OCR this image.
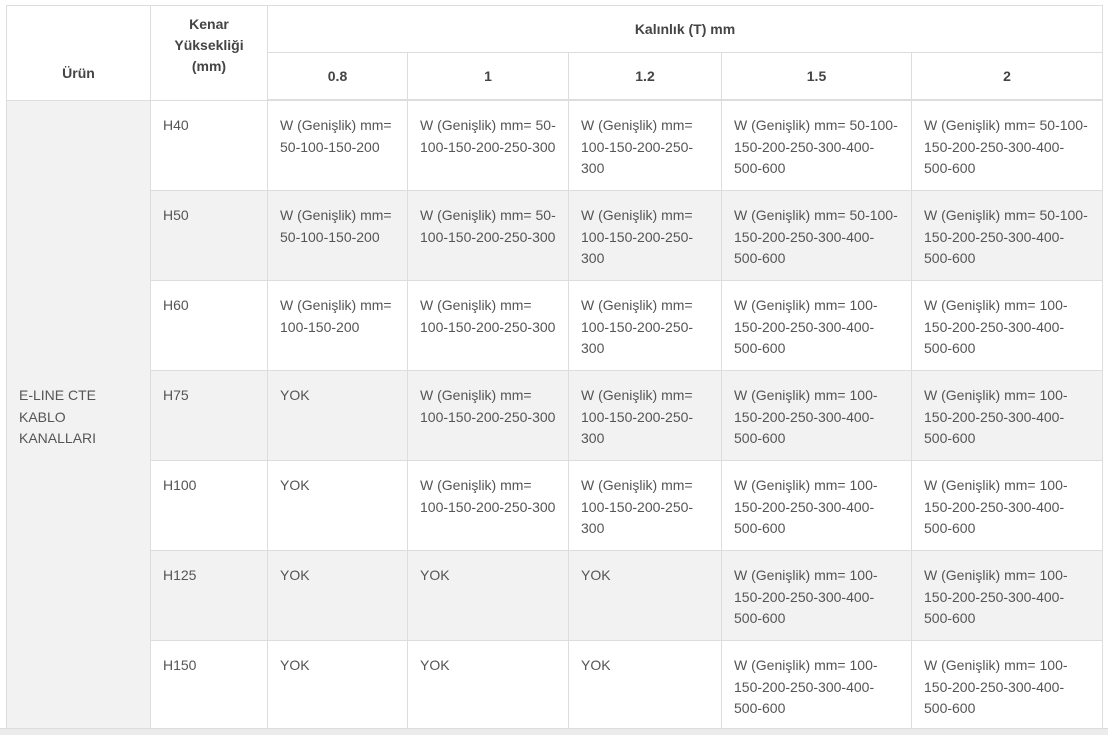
Ürün	Kenar Yüksekliği (mm)	Kalınlık (T) mm				
		0.8	1	1.2	1.5	2
E-LINE CTE KABLO KANALLARI	H40	W (Genişlik) mm= 50-100-150-200	W (Genişlik) mm= 50-100-150-200-250-300	W (Genişlik) mm= 100-150-200-250-300	W (Genişlik) mm= 50-100-150-200-250-300-400-500-600	W (Genişlik) mm= 50-100-150-200-250-300-400-500-600
	H50	W (Genişlik) mm= 50-100-150-200	W (Genişlik) mm= 50-100-150-200-250-300	W (Genişlik) mm= 100-150-200-250-300	W (Genişlik) mm= 50-100-150-200-250-300-400-500-600	W (Genişlik) mm= 50-100-150-200-250-300-400-500-600
	H60	W (Genişlik) mm= 100-150-200	W (Genişlik) mm= 100-150-200-250-300	W (Genişlik) mm= 100-150-200-250-300	W (Genişlik) mm= 100-150-200-250-300-400-500-600	W (Genişlik) mm= 100-150-200-250-300-400-500-600
	H75	YOK	W (Genişlik) mm= 100-150-200-250-300	W (Genişlik) mm= 100-150-200-250-300	W (Genişlik) mm= 100-150-200-250-300-400-500-600	W (Genişlik) mm= 100-150-200-250-300-400-500-600
	H100	YOK	W (Genişlik) mm= 100-150-200-250-300	W (Genişlik) mm= 100-150-200-250-300	W (Genişlik) mm= 100-150-200-250-300-400-500-600	W (Genişlik) mm= 100-150-200-250-300-400-500-600
	H125	YOK	YOK	YOK	W (Genişlik) mm= 100-150-200-250-300-400-500-600	W (Genişlik) mm= 100-150-200-250-300-400-500-600
	H150	YOK	YOK	YOK	W (Genişlik) mm= 100-150-200-250-300-400-500-600	W (Genişlik) mm= 100-150-200-250-300-400-500-600
